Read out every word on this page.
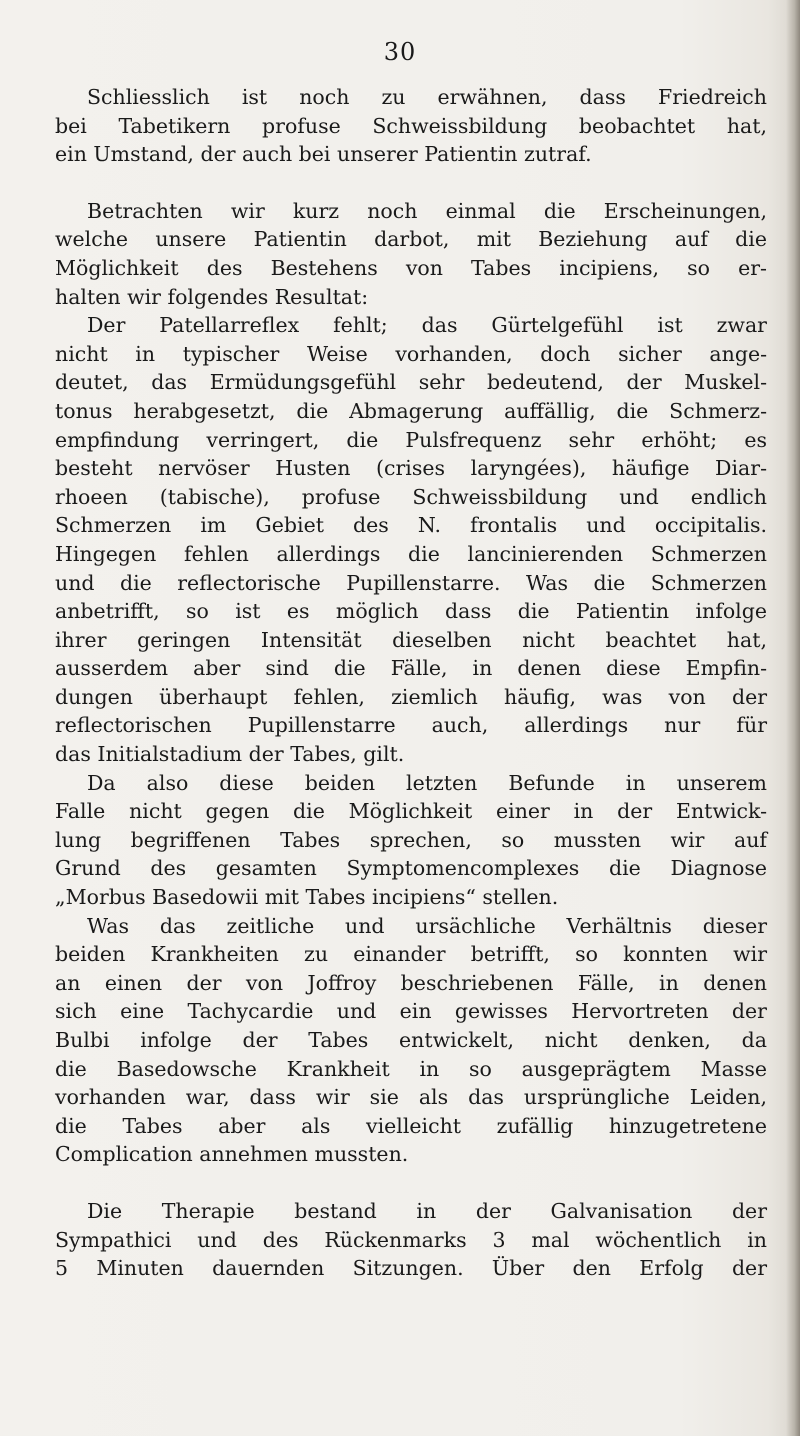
30
Schliesslich ist noch zu erwähnen, dass Friedreich
bei Tabetikern profuse Schweissbildung beobachtet hat,
ein Umstand, der auch bei unserer Patientin zutraf.
Betrachten wir kurz noch einmal die Erscheinungen,
welche unsere Patientin darbot, mit Beziehung auf die
Möglichkeit des Bestehens von Tabes incipiens, so er-
halten wir folgendes Resultat:
Der Patellarreflex fehlt; das Gürtelgefühl ist zwar
nicht in typischer Weise vorhanden, doch sicher ange-
deutet, das Ermüdungsgefühl sehr bedeutend, der Muskel-
tonus herabgesetzt, die Abmagerung auffällig, die Schmerz-
empfindung verringert, die Pulsfrequenz sehr erhöht; es
besteht nervöser Husten (crises laryngées), häufige Diar-
rhoeen (tabische), profuse Schweissbildung und endlich
Schmerzen im Gebiet des N. frontalis und occipitalis.
Hingegen fehlen allerdings die lancinierenden Schmerzen
und die reflectorische Pupillenstarre. Was die Schmerzen
anbetrifft, so ist es möglich dass die Patientin infolge
ihrer geringen Intensität dieselben nicht beachtet hat,
ausserdem aber sind die Fälle, in denen diese Empfin-
dungen überhaupt fehlen, ziemlich häufig, was von der
reflectorischen Pupillenstarre auch, allerdings nur für
das Initialstadium der Tabes, gilt.
Da also diese beiden letzten Befunde in unserem
Falle nicht gegen die Möglichkeit einer in der Entwick-
lung begriffenen Tabes sprechen, so mussten wir auf
Grund des gesamten Symptomencomplexes die Diagnose
„Morbus Basedowii mit Tabes incipiens“ stellen.
Was das zeitliche und ursächliche Verhältnis dieser
beiden Krankheiten zu einander betrifft, so konnten wir
an einen der von Joffroy beschriebenen Fälle, in denen
sich eine Tachycardie und ein gewisses Hervortreten der
Bulbi infolge der Tabes entwickelt, nicht denken, da
die Basedowsche Krankheit in so ausgeprägtem Masse
vorhanden war, dass wir sie als das ursprüngliche Leiden,
die Tabes aber als vielleicht zufällig hinzugetretene
Complication annehmen mussten.
Die Therapie bestand in der Galvanisation der
Sympathici und des Rückenmarks 3 mal wöchentlich in
5 Minuten dauernden Sitzungen. Über den Erfolg der
